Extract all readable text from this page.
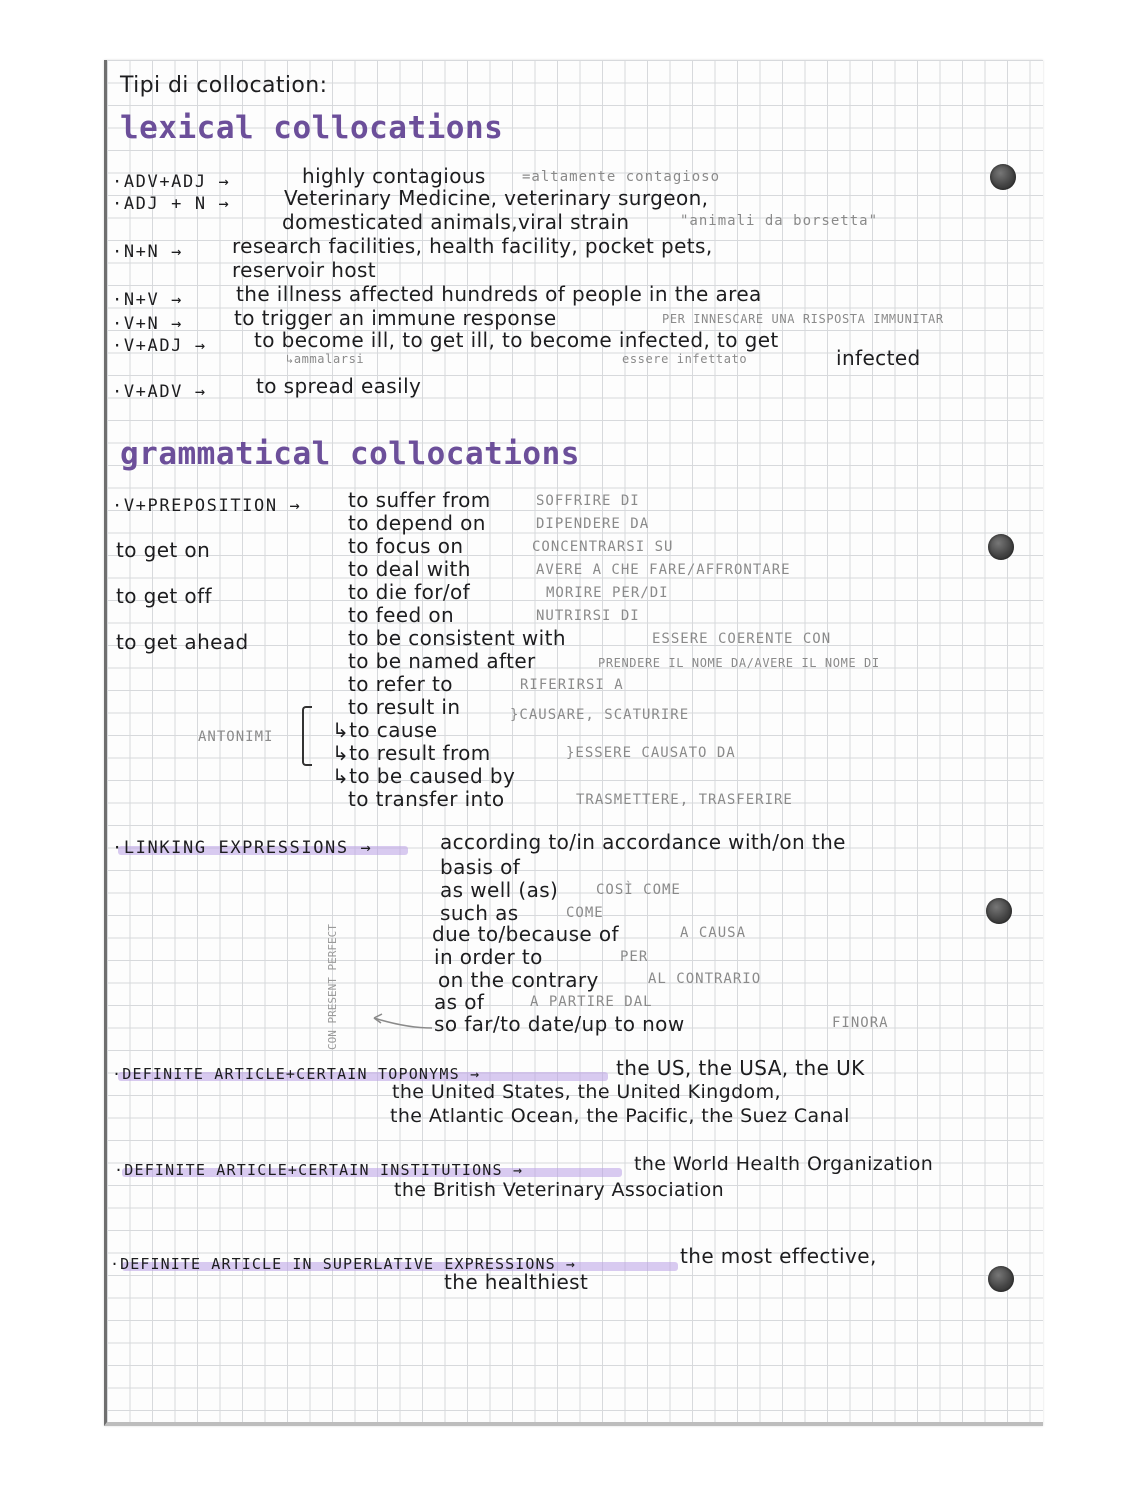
Tipi di collocation:
lexical collocations
·ADV+ADJ →	highly contagious	=altamente contagioso
·ADJ + N →	Veterinary Medicine, veterinary surgeon,
domesticated animals,viral strain	"animali da borsetta"
·N+N → research facilities, health facility, pocket pets,
reservoir host
·N+V →	the illness affected hundreds of people in the area
·V+N →	to trigger an immune response	PER INNESCARE UNA RISPOSTA IMMUNITAR
·V+ADJ → to become ill, to get ill, to become infected, to get
↳ammalarsi	essere infettato	infected
·V+ADV → to spread easily
grammatical collocations
·V+PREPOSITION →
to get on
to get off
to get ahead
ANTONIMI
to suffer from	SOFFRIRE DI
to depend on	DIPENDERE DA
to focus on	CONCENTRARSI SU
to deal with	AVERE A CHE FARE/AFFRONTARE
to die for/of	MORIRE PER/DI
to feed on	NUTRIRSI DI
to be consistent with	ESSERE COERENTE CON
to be named after	PRENDERE IL NOME DA/AVERE IL NOME DI
to refer to	RIFERIRSI A
to result in	}CAUSARE, SCATURIRE
↳to cause
↳to result from	}ESSERE CAUSATO DA
↳to be caused by
to transfer into	TRASMETTERE, TRASFERIRE
·LINKING EXPRESSIONS →	according to/in accordance with/on the
basis of
as well (as)	COSÌ COME
such as	COME
due to/because of	A CAUSA
in order to	PER
on the contrary	AL CONTRARIO
as of	A PARTIRE DAL
so far/to date/up to now	FINORA
CON PRESENT PERFECT
·DEFINITE ARTICLE+CERTAIN TOPONYMS →	the US, the USA, the UK
the United States, the United Kingdom,
the Atlantic Ocean, the Pacific, the Suez Canal
·DEFINITE ARTICLE+CERTAIN INSTITUTIONS →	the World Health Organization
the British Veterinary Association
·DEFINITE ARTICLE IN SUPERLATIVE EXPRESSIONS →	the most effective,
the healthiest
